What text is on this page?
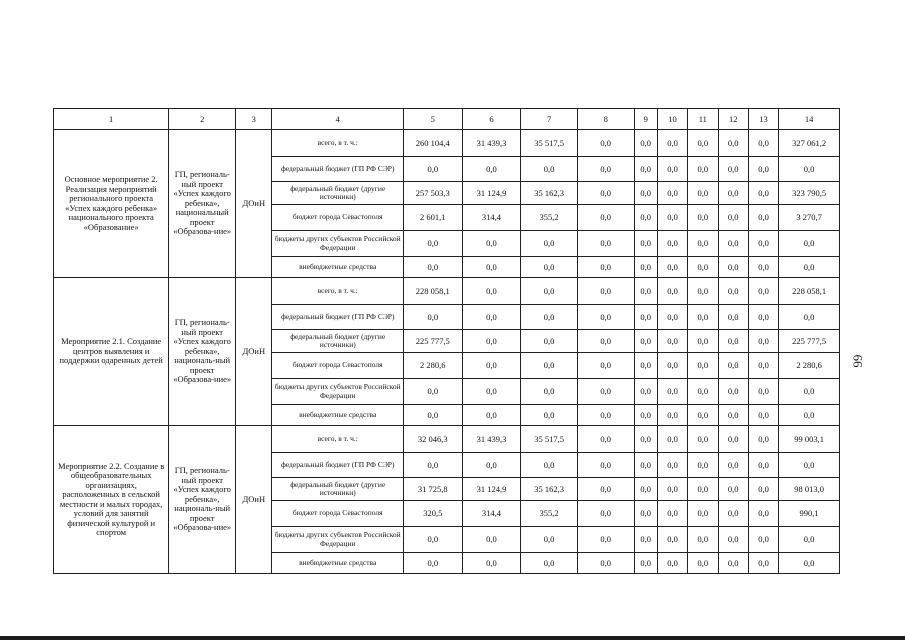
1	2	3	4	5	6	7	8	9	10	11	12	13	14
Основное мероприятие 2. Реализация мероприятий регионального проекта «Успех каждого ребенка» национального проекта «Образование»	ГП, региональ-ный проект «Успех каждого ребенка», национальный проект «Образова-ние»	ДОиН	всего, в т. ч.:	260 104,4	31 439,3	35 517,5	0,0	0,0	0,0	0,0	0,0	0,0	327 061,2
			федеральный бюджет (ГП РФ СЭР)	0,0	0,0	0,0	0,0	0,0	0,0	0,0	0,0	0,0	0,0
			федеральный бюджет (другие источники)	257 503,3	31 124,9	35 162,3	0,0	0,0	0,0	0,0	0,0	0,0	323 790,5
			бюджет города Севастополя	2 601,1	314,4	355,2	0,0	0,0	0,0	0,0	0,0	0,0	3 270,7
			бюджеты других субъектов Российской Федерации	0,0	0,0	0,0	0,0	0,0	0,0	0,0	0,0	0,0	0,0
			внебюджетные средства	0,0	0,0	0,0	0,0	0,0	0,0	0,0	0,0	0,0	0,0
Мероприятие 2.1. Создание центров выявления и поддержки одаренных детей	ГП, региональ-ный проект «Успех каждого ребенка», националь-ный проект «Образова-ние»	ДОиН	всего, в т. ч.:	228 058,1	0,0	0,0	0,0	0,0	0,0	0,0	0,0	0,0	228 058,1
			федеральный бюджет (ГП РФ СЭР)	0,0	0,0	0,0	0,0	0,0	0,0	0,0	0,0	0,0	0,0
			федеральный бюджет (другие источники)	225 777,5	0,0	0,0	0,0	0,0	0,0	0,0	0,0	0,0	225 777,5
			бюджет города Севастополя	2 280,6	0,0	0,0	0,0	0,0	0,0	0,0	0,0	0,0	2 280,6
			бюджеты других субъектов Российской Федерации	0,0	0,0	0,0	0,0	0,0	0,0	0,0	0,0	0,0	0,0
			внебюджетные средства	0,0	0,0	0,0	0,0	0,0	0,0	0,0	0,0	0,0	0,0
Мероприятие 2.2. Создание в общеобразовательных организациях, расположенных в сельской местности и малых городах, условий для занятий физической культурой и спортом	ГП, региональ-ный проект «Успех каждого ребенка», националь-ный проект «Образова-ние»	ДОиН	всего, в т. ч.:	32 046,3	31 439,3	35 517,5	0,0	0,0	0,0	0,0	0,0	0,0	99 003,1
			федеральный бюджет (ГП РФ СЭР)	0,0	0,0	0,0	0,0	0,0	0,0	0,0	0,0	0,0	0,0
			федеральный бюджет (другие источники)	31 725,8	31 124,9	35 162,3	0,0	0,0	0,0	0,0	0,0	0,0	98 013,0
			бюджет города Севастополя	320,5	314,4	355,2	0,0	0,0	0,0	0,0	0,0	0,0	990,1
			бюджеты других субъектов Российской Федерации	0,0	0,0	0,0	0,0	0,0	0,0	0,0	0,0	0,0	0,0
			внебюджетные средства	0,0	0,0	0,0	0,0	0,0	0,0	0,0	0,0	0,0	0,0
66
